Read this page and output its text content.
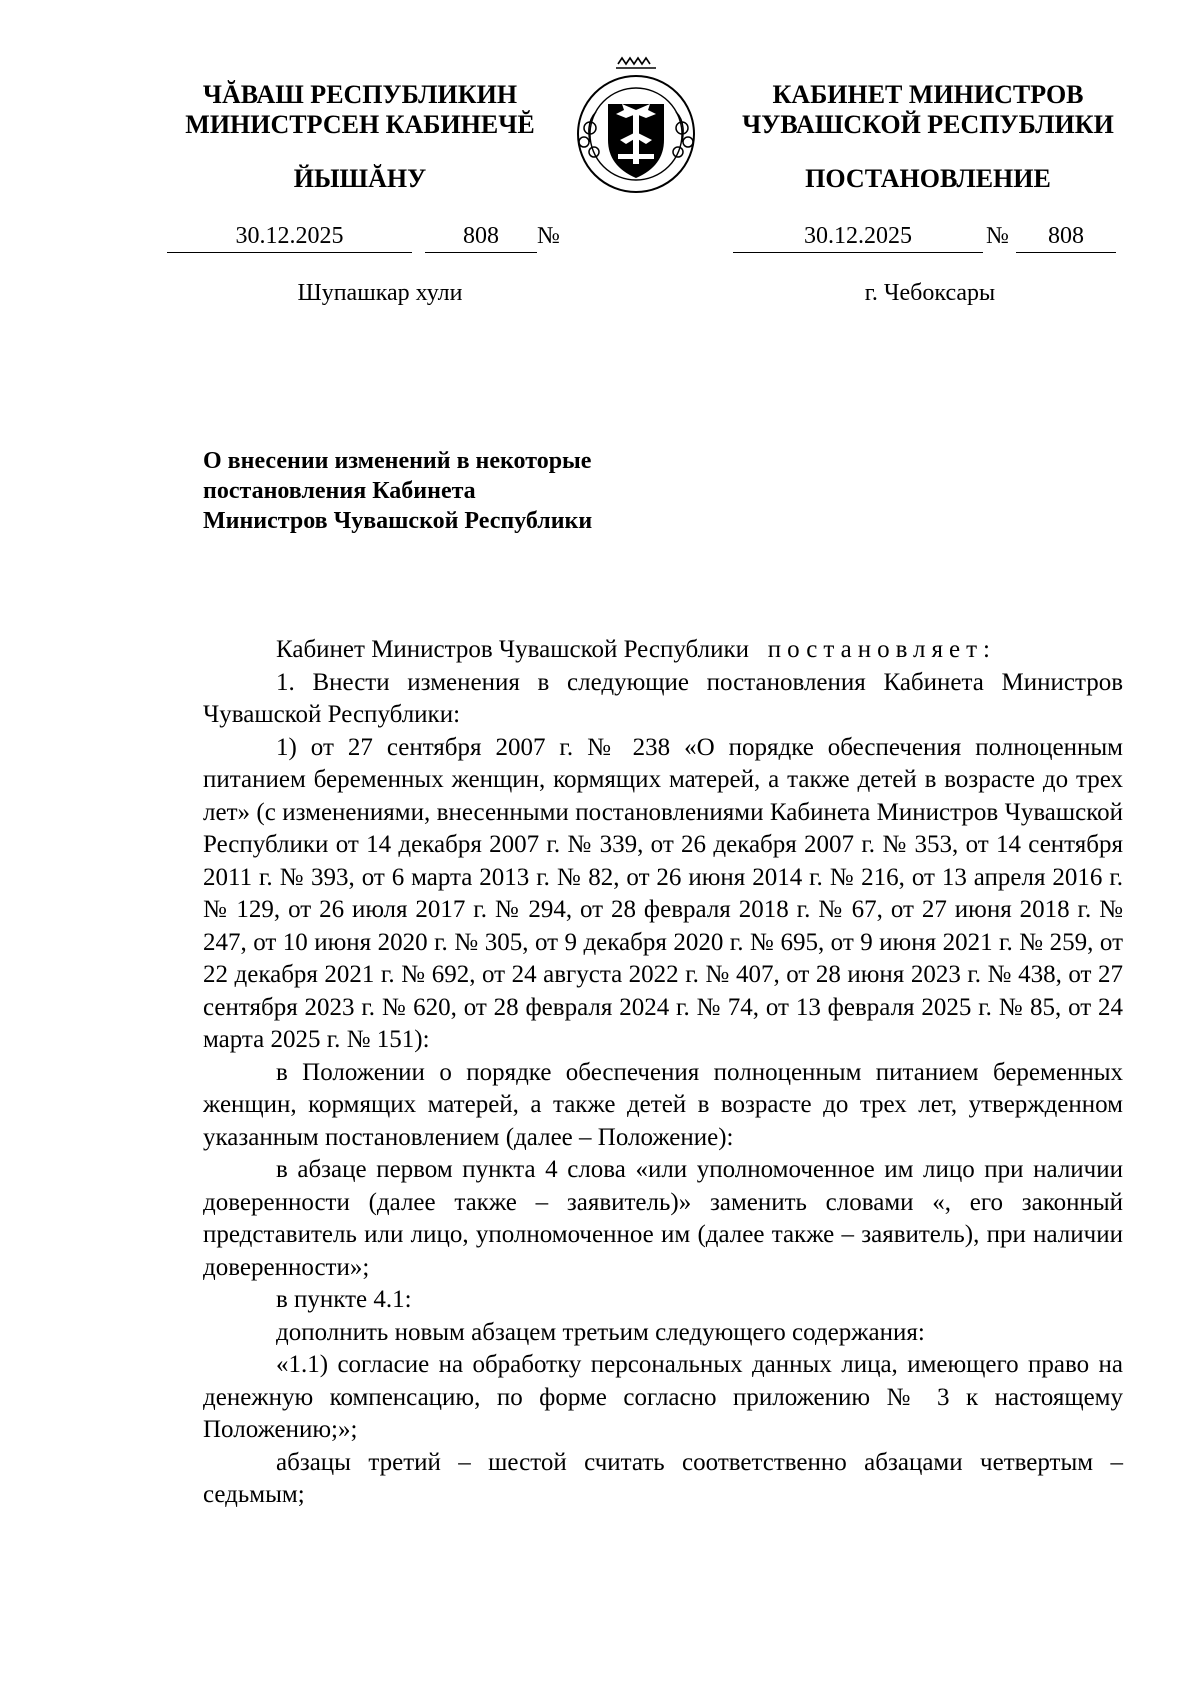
ЧĂВАШ РЕСПУБЛИКИН
МИНИСТРСЕН КАБИНЕЧĔ
ЙЫШĂНУ
КАБИНЕТ МИНИСТРОВ
ЧУВАШСКОЙ РЕСПУБЛИКИ
ПОСТАНОВЛЕНИЕ
30.12.2025	808	№	30.12.2025	№	808
Шупашкар хули	г. Чебоксары
О внесении изменений в некоторые постановления Кабинета Министров Чувашской Республики

Кабинет Министров Чувашской Республики постановляет:

1. Внести изменения в следующие постановления Кабинета Министров Чувашской Республики:

1) от 27 сентября 2007 г. № 238 «О порядке обеспечения полноценным питанием беременных женщин, кормящих матерей, а также детей в возрасте до трех лет» (с изменениями, внесенными постановлениями Кабинета Министров Чувашской Республики от 14 декабря 2007 г. № 339, от 26 декабря 2007 г. № 353, от 14 сентября 2011 г. № 393, от 6 марта 2013 г. № 82, от 26 июня 2014 г. № 216, от 13 апреля 2016 г. № 129, от 26 июля 2017 г. № 294, от 28 февраля 2018 г. № 67, от 27 июня 2018 г. № 247, от 10 июня 2020 г. № 305, от 9 декабря 2020 г. № 695, от 9 июня 2021 г. № 259, от 22 декабря 2021 г. № 692, от 24 августа 2022 г. № 407, от 28 июня 2023 г. № 438, от 27 сентября 2023 г. № 620, от 28 февраля 2024 г. № 74, от 13 февраля 2025 г. № 85, от 24 марта 2025 г. № 151):

в Положении о порядке обеспечения полноценным питанием беременных женщин, кормящих матерей, а также детей в возрасте до трех лет, утвержденном указанным постановлением (далее – Положение):

в абзаце первом пункта 4 слова «или уполномоченное им лицо при наличии доверенности (далее также – заявитель)» заменить словами «, его законный представитель или лицо, уполномоченное им (далее также – заявитель), при наличии доверенности»;

в пункте 4.1:

дополнить новым абзацем третьим следующего содержания:

«1.1) согласие на обработку персональных данных лица, имеющего право на денежную компенсацию, по форме согласно приложению № 3 к настоящему Положению;»;

абзацы третий – шестой считать соответственно абзацами четвертым – седьмым;
